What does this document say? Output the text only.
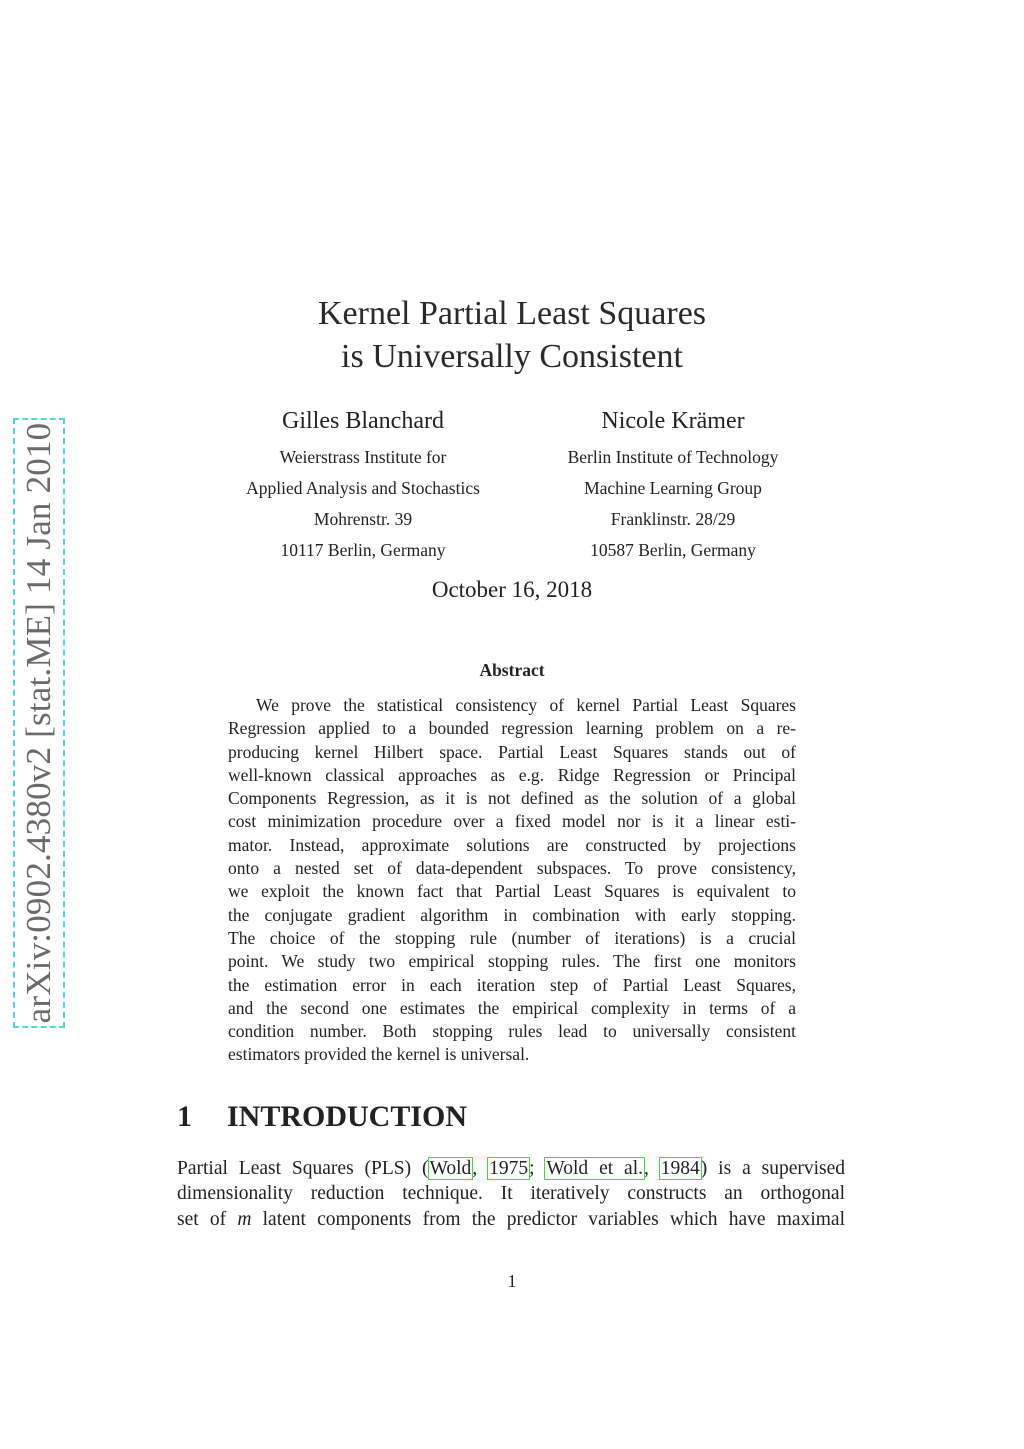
arXiv:0902.4380v2 [stat.ME] 14 Jan 2010
Kernel Partial Least Squares
is Universally Consistent
Gilles Blanchard
Weierstrass Institute for
Applied Analysis and Stochastics
Mohrenstr. 39
10117 Berlin, Germany
Nicole Krämer
Berlin Institute of Technology
Machine Learning Group
Franklinstr. 28/29
10587 Berlin, Germany
October 16, 2018
Abstract
We prove the statistical consistency of kernel Partial Least Squares
Regression applied to a bounded regression learning problem on a re-
producing kernel Hilbert space. Partial Least Squares stands out of
well-known classical approaches as e.g. Ridge Regression or Principal
Components Regression, as it is not defined as the solution of a global
cost minimization procedure over a fixed model nor is it a linear esti-
mator. Instead, approximate solutions are constructed by projections
onto a nested set of data-dependent subspaces. To prove consistency,
we exploit the known fact that Partial Least Squares is equivalent to
the conjugate gradient algorithm in combination with early stopping.
The choice of the stopping rule (number of iterations) is a crucial
point. We study two empirical stopping rules. The first one monitors
the estimation error in each iteration step of Partial Least Squares,
and the second one estimates the empirical complexity in terms of a
condition number. Both stopping rules lead to universally consistent
estimators provided the kernel is universal.
1 INTRODUCTION
Partial Least Squares (PLS) (Wold, 1975; Wold et al., 1984) is a supervised
dimensionality reduction technique. It iteratively constructs an orthogonal
set of m latent components from the predictor variables which have maximal
1
